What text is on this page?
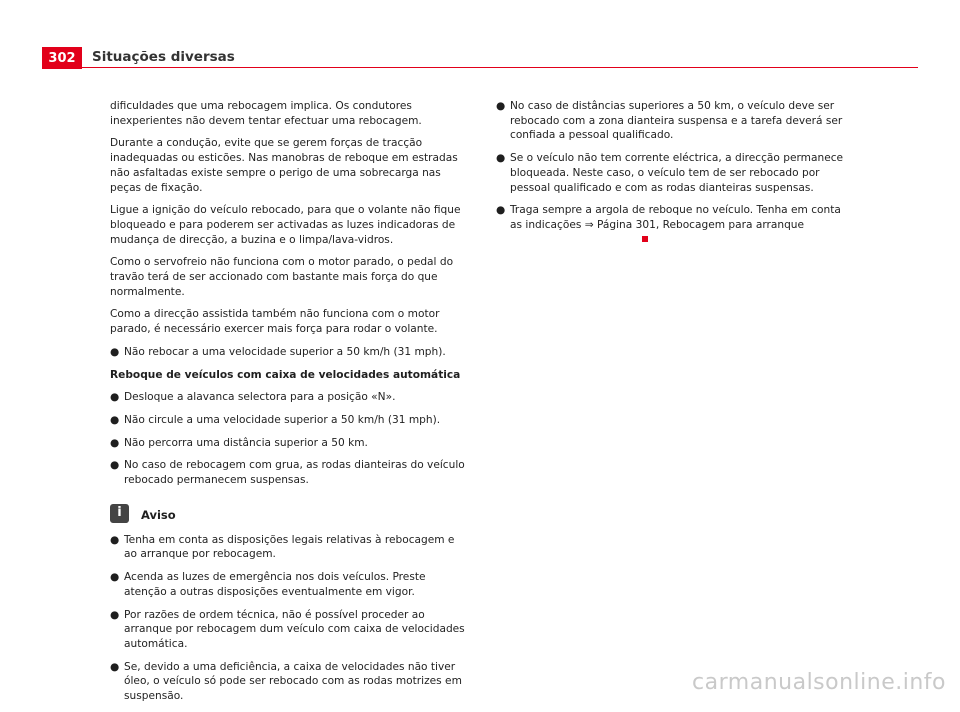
302	Situações diversas

dificuldades que uma rebocagem implica. Os condutores inexperientes não devem tentar efectuar uma rebocagem.

Durante a condução, evite que se gerem forças de tracção inadequadas ou esticões. Nas manobras de reboque em estradas não asfaltadas existe sempre o perigo de uma sobrecarga nas peças de fixação.

Ligue a ignição do veículo rebocado, para que o volante não fique bloqueado e para poderem ser activadas as luzes indicadoras de mudança de direcção, a buzina e o limpa/lava-vidros.

Como o servofreio não funciona com o motor parado, o pedal do travão terá de ser accionado com bastante mais força do que normalmente.

Como a direcção assistida também não funciona com o motor parado, é necessário exercer mais força para rodar o volante.

● Não rebocar a uma velocidade superior a 50 km/h (31 mph).
Reboque de veículos com caixa de velocidades automática
● Desloque a alavanca selectora para a posição «N».
● Não circule a uma velocidade superior a 50 km/h (31 mph).
● Não percorra uma distância superior a 50 km.
● No caso de rebocagem com grua, as rodas dianteiras do veículo rebocado permanecem suspensas.
i	Aviso
● Tenha em conta as disposições legais relativas à rebocagem e ao arranque por rebocagem.
● Acenda as luzes de emergência nos dois veículos. Preste atenção a outras disposições eventualmente em vigor.
● Por razões de ordem técnica, não é possível proceder ao arranque por rebocagem dum veículo com caixa de velocidades automática.
● Se, devido a uma deficiência, a caixa de velocidades não tiver óleo, o veículo só pode ser rebocado com as rodas motrizes em suspensão.
● No caso de distâncias superiores a 50 km, o veículo deve ser rebocado com a zona dianteira suspensa e a tarefa deverá ser confiada a pessoal qualificado.
● Se o veículo não tem corrente eléctrica, a direcção permanece bloqueada. Neste caso, o veículo tem de ser rebocado por pessoal qualificado e com as rodas dianteiras suspensas.
● Traga sempre a argola de reboque no veículo. Tenha em conta as indicações ⇒ Página 301, Rebocagem para arranque
carmanualsonline.info
